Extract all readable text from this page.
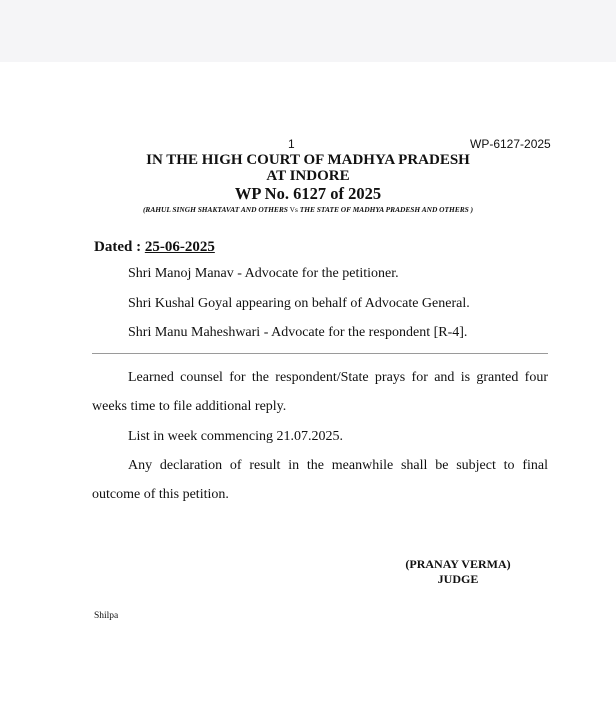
1	WP-6127-2025
IN THE HIGH COURT OF MADHYA PRADESH
AT INDORE
WP No. 6127 of 2025
(RAHUL SINGH SHAKTAVAT AND OTHERS Vs THE STATE OF MADHYA PRADESH AND OTHERS )
Dated : 25-06-2025
Shri Manoj Manav - Advocate for the petitioner.
Shri Kushal Goyal appearing on behalf of Advocate General.
Shri Manu Maheshwari - Advocate for the respondent [R-4].
Learned counsel for the respondent/State prays for and is granted four
weeks time to file additional reply.
List in week commencing 21.07.2025.
Any declaration of result in the meanwhile shall be subject to final
outcome of this petition.
(PRANAY VERMA)
JUDGE
Shilpa
